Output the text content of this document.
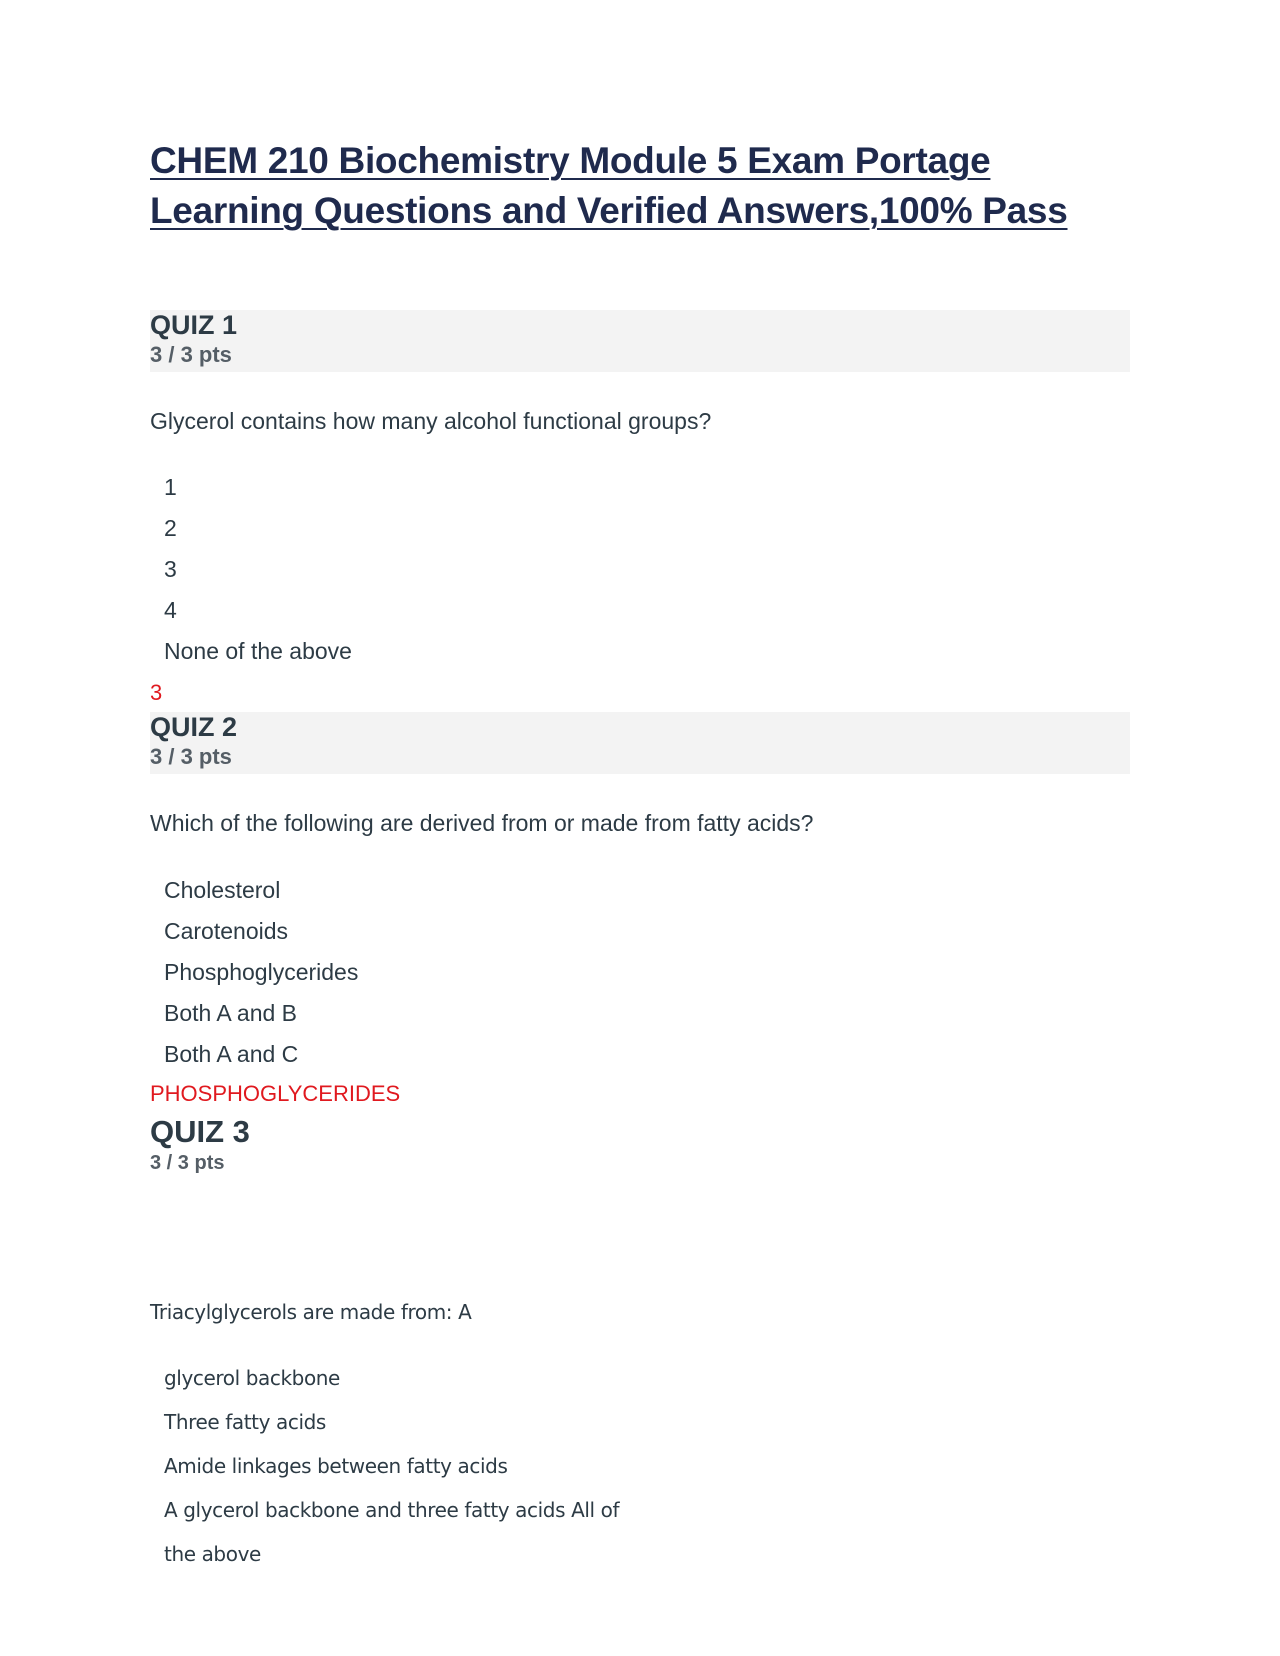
CHEM 210 Biochemistry Module 5 Exam Portage Learning Questions and Verified Answers,100% Pass
QUIZ 1
3 / 3 pts

Glycerol contains how many alcohol functional groups?

1
2
3
4
None of the above

3

QUIZ 2
3 / 3 pts

Which of the following are derived from or made from fatty acids?

Cholesterol
Carotenoids
Phosphoglycerides
Both A and B
Both A and C

PHOSPHOGLYCERIDES

QUIZ 3
3 / 3 pts

Triacylglycerols are made from: A

glycerol backbone
Three fatty acids
Amide linkages between fatty acids
A glycerol backbone and three fatty acids All of
the above
